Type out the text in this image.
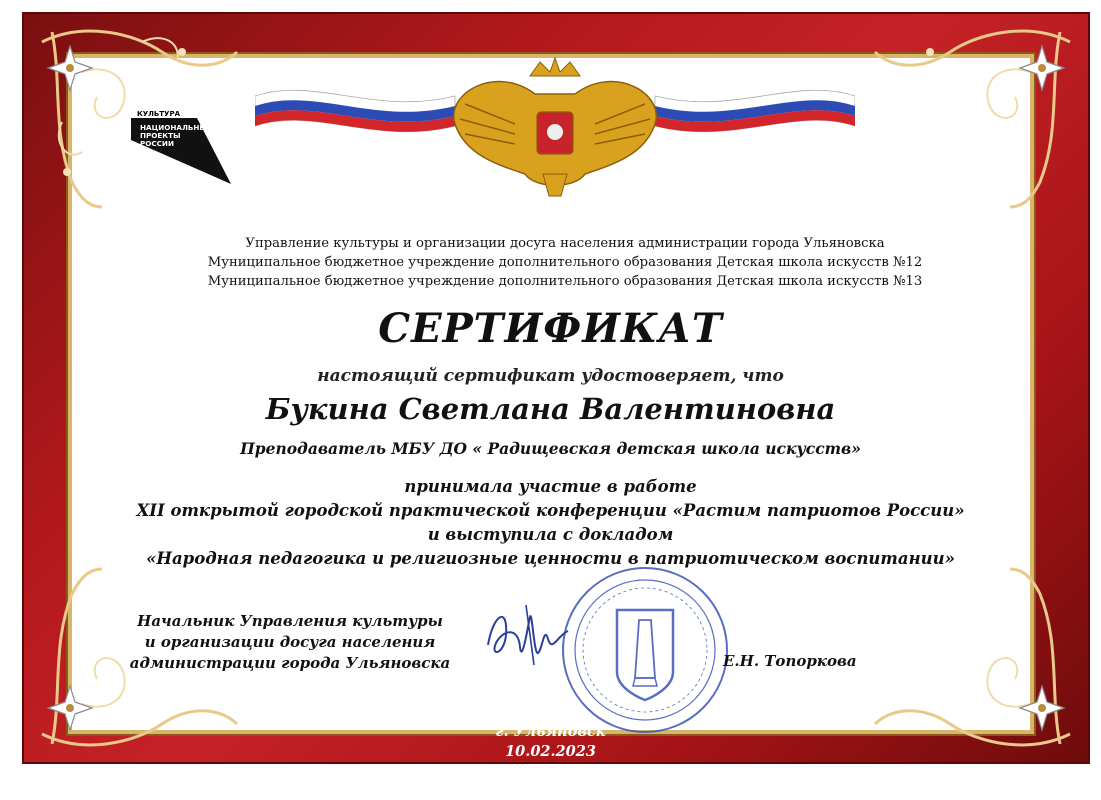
КУЛЬТУРА
НАЦИОНАЛЬНЫЕ
ПРОЕКТЫ
РОССИИ
Управление культуры и организации досуга населения администрации города Ульяновска
Муниципальное бюджетное учреждение дополнительного образования Детская школа искусств №12
Муниципальное бюджетное учреждение дополнительного образования Детская школа искусств №13
СЕРТИФИКАТ
настоящий сертификат удостоверяет, что
Букина Светлана Валентиновна
Преподаватель МБУ ДО « Радищевская детская школа искусств»
принимала участие в работе
XII открытой городской практической конференции «Растим патриотов России»
и выступила с докладом
«Народная педагогика и религиозные ценности в патриотическом воспитании»
Начальник Управления культуры
и организации досуга населения
администрации города Ульяновска	Е.Н. Топоркова
г. Ульяновск
10.02.2023
